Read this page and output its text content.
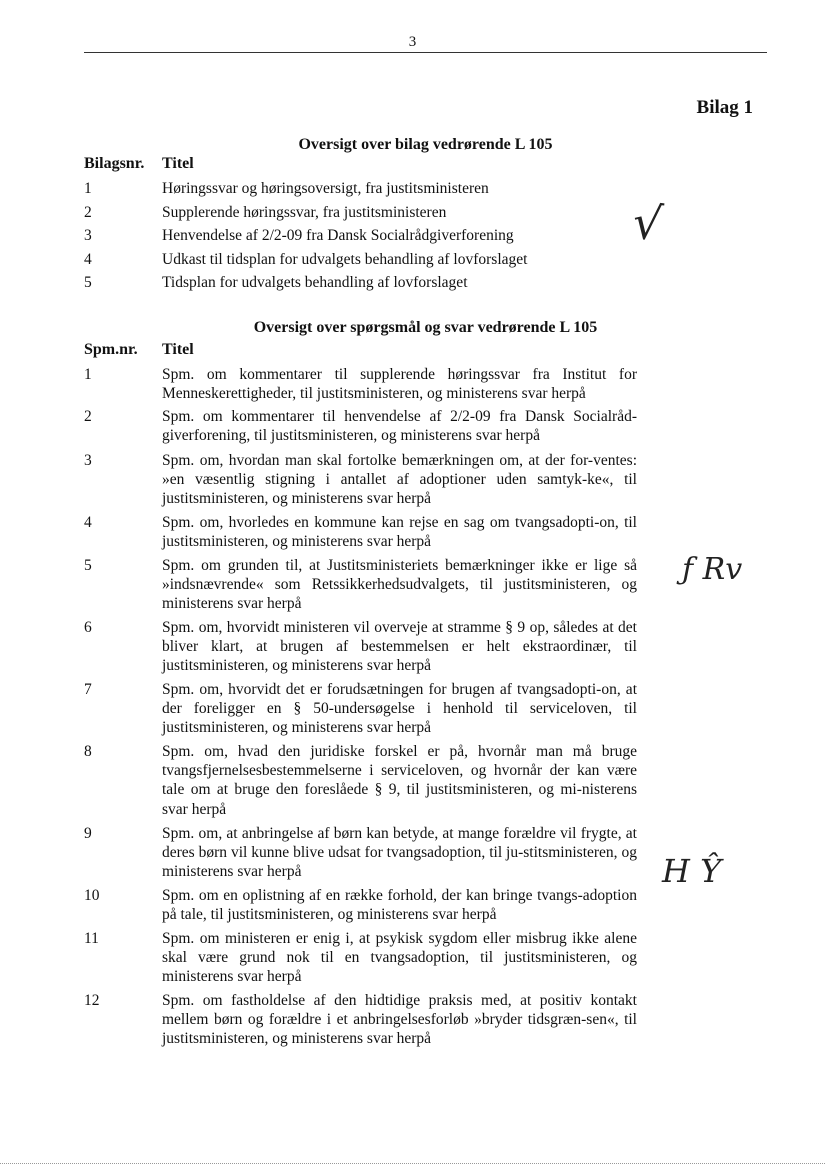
3
Bilag 1
Oversigt over bilag vedrørende L 105
Bilagsnr. Titel
1	Høringssvar og høringsoversigt, fra justitsministeren
2	Supplerende høringssvar, fra justitsministeren
3	Henvendelse af 2/2-09 fra Dansk Socialrådgiverforening
4	Udkast til tidsplan for udvalgets behandling af lovforslaget
5	Tidsplan for udvalgets behandling af lovforslaget
Oversigt over spørgsmål og svar vedrørende L 105
Spm.nr. Titel
1	Spm. om kommentarer til supplerende høringssvar fra Institut for Menneskerettigheder, til justitsministeren, og ministerens svar herpå
2	Spm. om kommentarer til henvendelse af 2/2-09 fra Dansk Socialråd-giverforening, til justitsministeren, og ministerens svar herpå
3	Spm. om, hvordan man skal fortolke bemærkningen om, at der for-ventes: »en væsentlig stigning i antallet af adoptioner uden samtyk-ke«, til justitsministeren, og ministerens svar herpå
4	Spm. om, hvorledes en kommune kan rejse en sag om tvangsadopti-on, til justitsministeren, og ministerens svar herpå
5	Spm. om grunden til, at Justitsministeriets bemærkninger ikke er lige så »indsnævrende« som Retssikkerhedsudvalgets, til justitsministeren, og ministerens svar herpå
6	Spm. om, hvorvidt ministeren vil overveje at stramme § 9 op, således at det bliver klart, at brugen af bestemmelsen er helt ekstraordinær, til justitsministeren, og ministerens svar herpå
7	Spm. om, hvorvidt det er forudsætningen for brugen af tvangsadopti-on, at der foreligger en § 50-undersøgelse i henhold til serviceloven, til justitsministeren, og ministerens svar herpå
8	Spm. om, hvad den juridiske forskel er på, hvornår man må bruge tvangsfjernelsesbestemmelserne i serviceloven, og hvornår der kan være tale om at bruge den foreslåede § 9, til justitsministeren, og mi-nisterens svar herpå
9	Spm. om, at anbringelse af børn kan betyde, at mange forældre vil frygte, at deres børn vil kunne blive udsat for tvangsadoption, til ju-stitsministeren, og ministerens svar herpå
10	Spm. om en oplistning af en række forhold, der kan bringe tvangs-adoption på tale, til justitsministeren, og ministerens svar herpå
11	Spm. om ministeren er enig i, at psykisk sygdom eller misbrug ikke alene skal være grund nok til en tvangsadoption, til justitsministeren, og ministerens svar herpå
12	Spm. om fastholdelse af den hidtidige praksis med, at positiv kontakt mellem børn og forældre i et anbringelsesforløb »bryder tidsgræn-sen«, til justitsministeren, og ministerens svar herpå
√
ƒ Rv
H Ŷ
